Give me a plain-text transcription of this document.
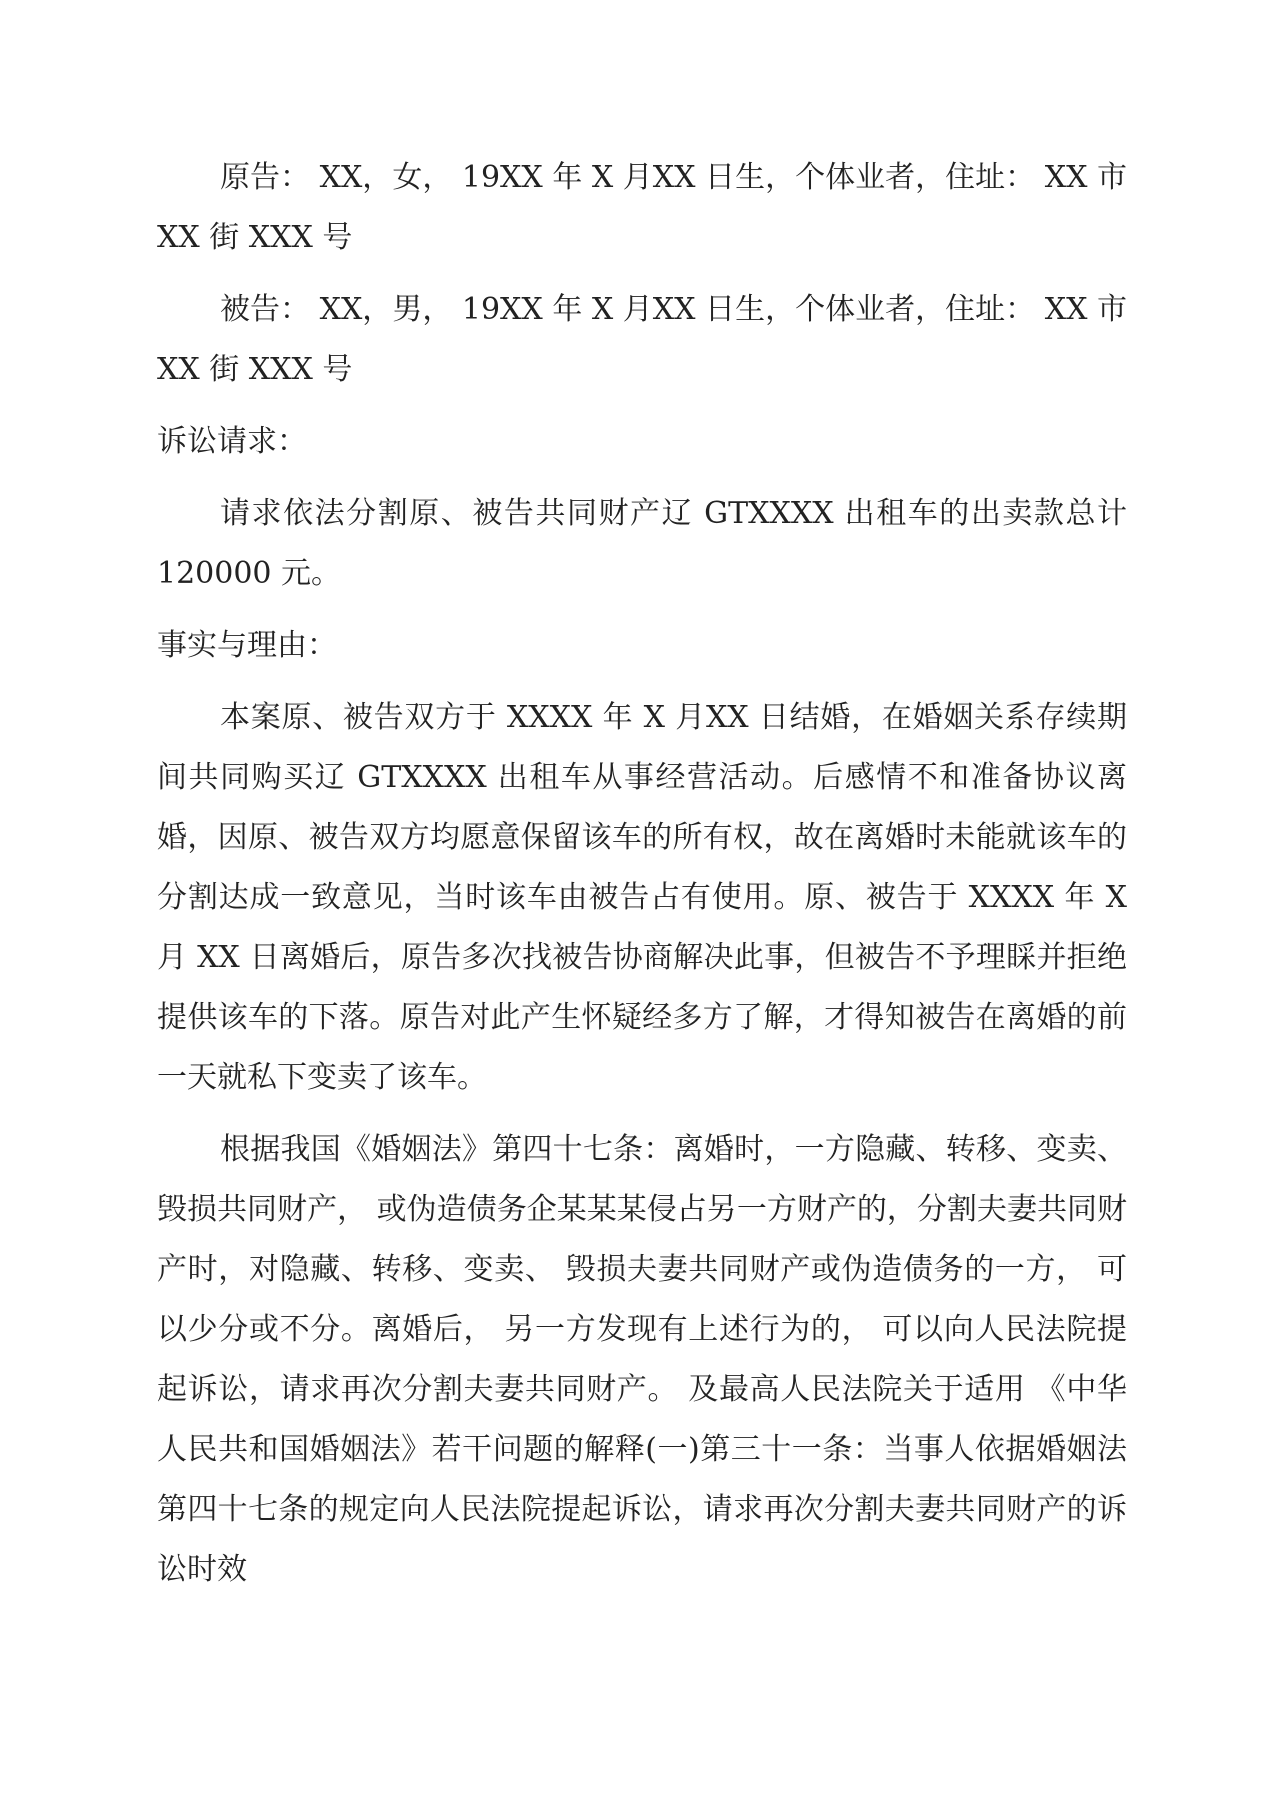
原告： XX，女， 19XX 年 X 月XX 日生，个体业者，住址： XX 市 XX 街 XXX 号

被告： XX，男， 19XX 年 X 月XX 日生，个体业者，住址： XX 市 XX 街 XXX 号

诉讼请求：

请求依法分割原、被告共同财产辽 GTXXXX 出租车的出卖款总计 120000 元。

事实与理由：

本案原、被告双方于 XXXX 年 X 月XX 日结婚，在婚姻关系存续期间共同购买辽 GTXXXX 出租车从事经营活动。后感情不和准备协议离婚，因原、被告双方均愿意保留该车的所有权，故在离婚时未能就该车的分割达成一致意见，当时该车由被告占有使用。原、被告于 XXXX 年 X 月 XX 日离婚后，原告多次找被告协商解决此事，但被告不予理睬并拒绝提供该车的下落。原告对此产生怀疑经多方了解，才得知被告在离婚的前一天就私下变卖了该车。

根据我国《婚姻法》第四十七条：离婚时，一方隐藏、转移、变卖、毁损共同财产， 或伪造债务企某某某侵占另一方财产的，分割夫妻共同财产时，对隐藏、转移、变卖、 毁损夫妻共同财产或伪造债务的一方， 可以少分或不分。离婚后， 另一方发现有上述行为的， 可以向人民法院提起诉讼，请求再次分割夫妻共同财产。 及最高人民法院关于适用 《中华人民共和国婚姻法》若干问题的解释(一)第三十一条：当事人依据婚姻法第四十七条的规定向人民法院提起诉讼，请求再次分割夫妻共同财产的诉讼时效
